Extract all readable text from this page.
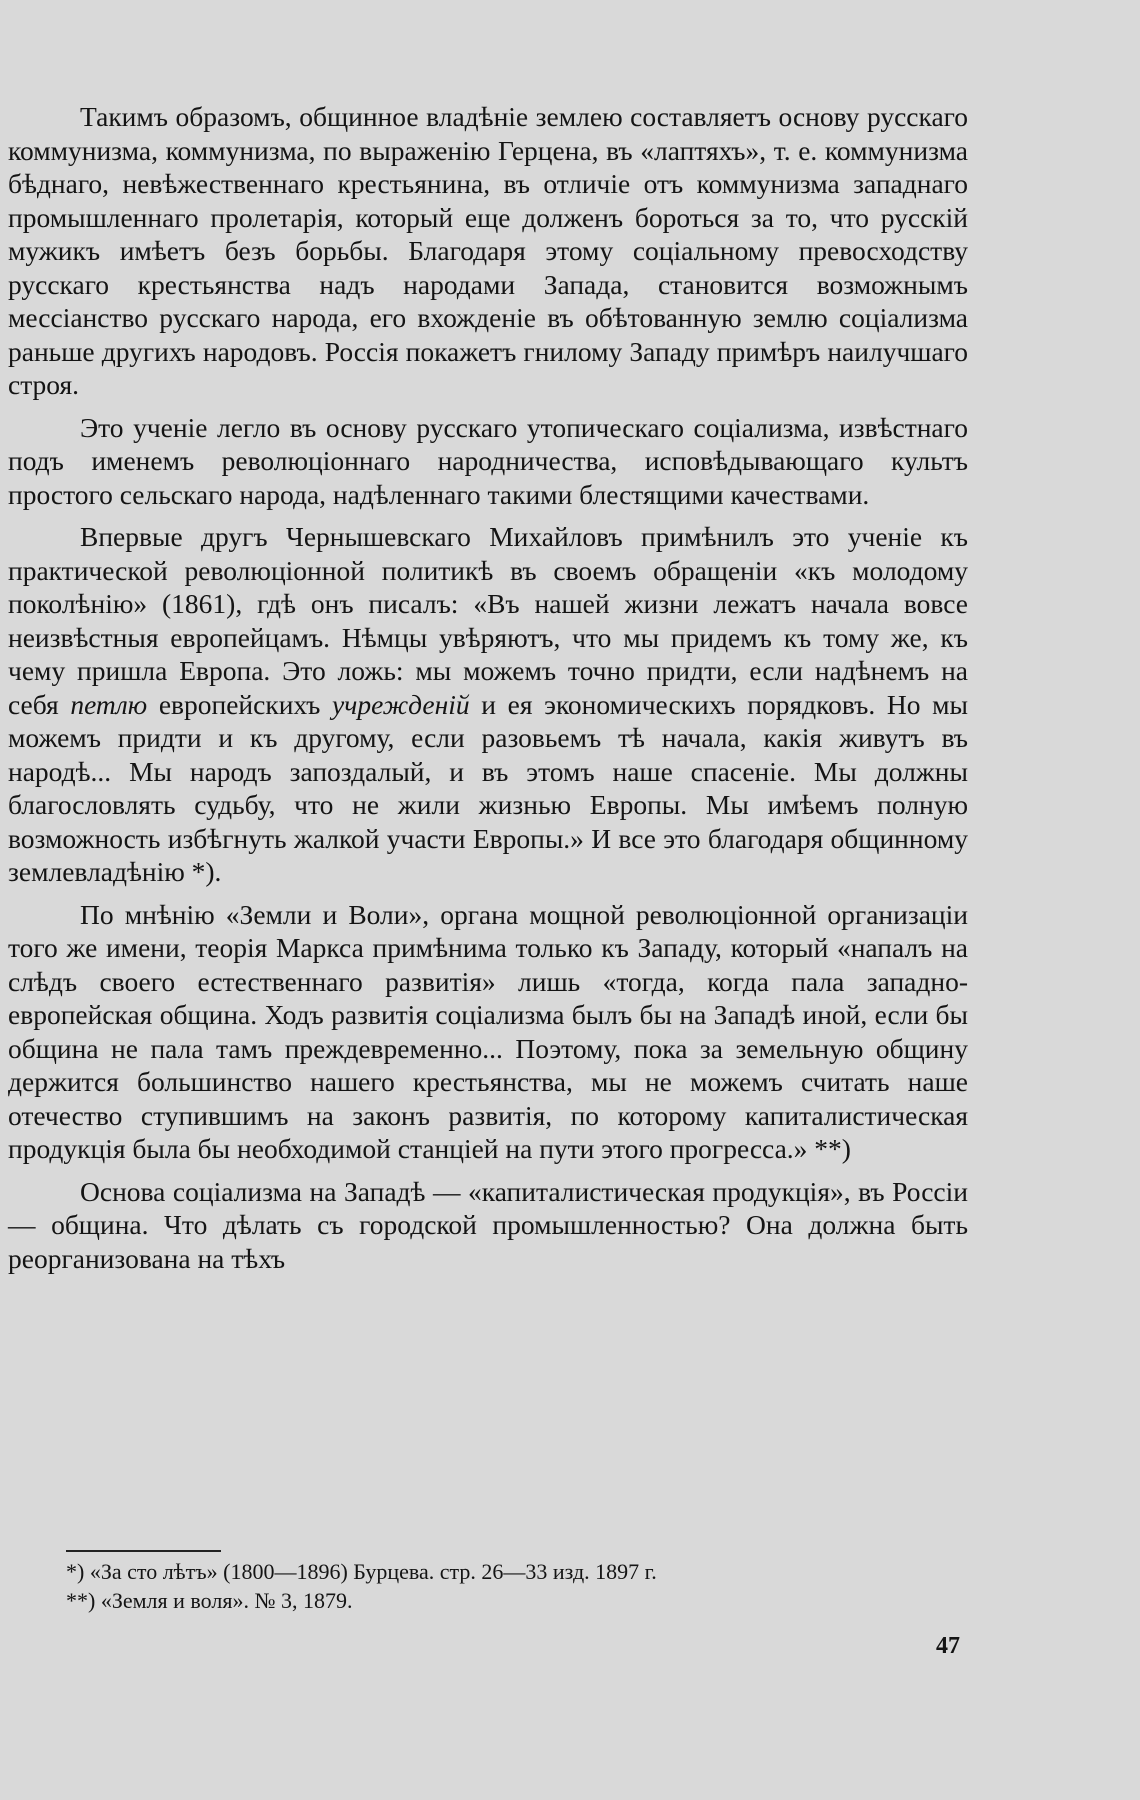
Такимъ образомъ, общинное владѣніе землею составляетъ основу русскаго коммунизма, коммунизма, по выраженію Герцена, въ «лаптяхъ», т. е. коммунизма бѣднаго, невѣжественнаго крестьянина, въ отличіе отъ коммунизма западнаго промышленнаго пролетарія, который еще долженъ бороться за то, что русскій мужикъ имѣетъ безъ борьбы. Благодаря этому соціальному превосходству русскаго крестьянства надъ народами Запада, становится возможнымъ мессіанство русскаго народа, его вхожденіе въ обѣтованную землю соціализма раньше другихъ народовъ. Россія покажетъ гнилому Западу примѣръ наилучшаго строя.

Это ученіе легло въ основу русскаго утопическаго соціализма, извѣстнаго подъ именемъ революціоннаго народничества, исповѣдывающаго культъ простого сельскаго народа, надѣленнаго такими блестящими качествами.

Впервые другъ Чернышевскаго Михайловъ примѣнилъ это ученіе къ практической революціонной политикѣ въ своемъ обращеніи «къ молодому поколѣнію» (1861), гдѣ онъ писалъ: «Въ нашей жизни лежатъ начала вовсе неизвѣстныя европейцамъ. Нѣмцы увѣряютъ, что мы придемъ къ тому же, къ чему пришла Европа. Это ложь: мы можемъ точно придти, если надѣнемъ на себя петлю европейскихъ учрежденій и ея экономическихъ порядковъ. Но мы можемъ придти и къ другому, если разовьемъ тѣ начала, какія живутъ въ народѣ... Мы народъ запоздалый, и въ этомъ наше спасеніе. Мы должны благословлять судьбу, что не жили жизнью Европы. Мы имѣемъ полную возможность избѣгнуть жалкой участи Европы.» И все это благодаря общинному землевладѣнію *).

По мнѣнію «Земли и Воли», органа мощной революціонной организаціи того же имени, теорія Маркса примѣнима только къ Западу, который «напалъ на слѣдъ своего естественнаго развитія» лишь «тогда, когда пала западно-европейская община. Ходъ развитія соціализма былъ бы на Западѣ иной, если бы община не пала тамъ преждевременно... Поэтому, пока за земельную общину держится большинство нашего крестьянства, мы не можемъ считать наше отечество ступившимъ на законъ развитія, по которому капиталистическая продукція была бы необходимой станціей на пути этого прогресса.» **)

Основа соціализма на Западѣ — «капиталистическая продукція», въ Россіи — община. Что дѣлать съ городской промышленностью? Она должна быть реорганизована на тѣхъ

*) «За сто лѣтъ» (1800—1896) Бурцева. стр. 26—33 изд. 1897 г.

**) «Земля и воля». № 3, 1879.

47
